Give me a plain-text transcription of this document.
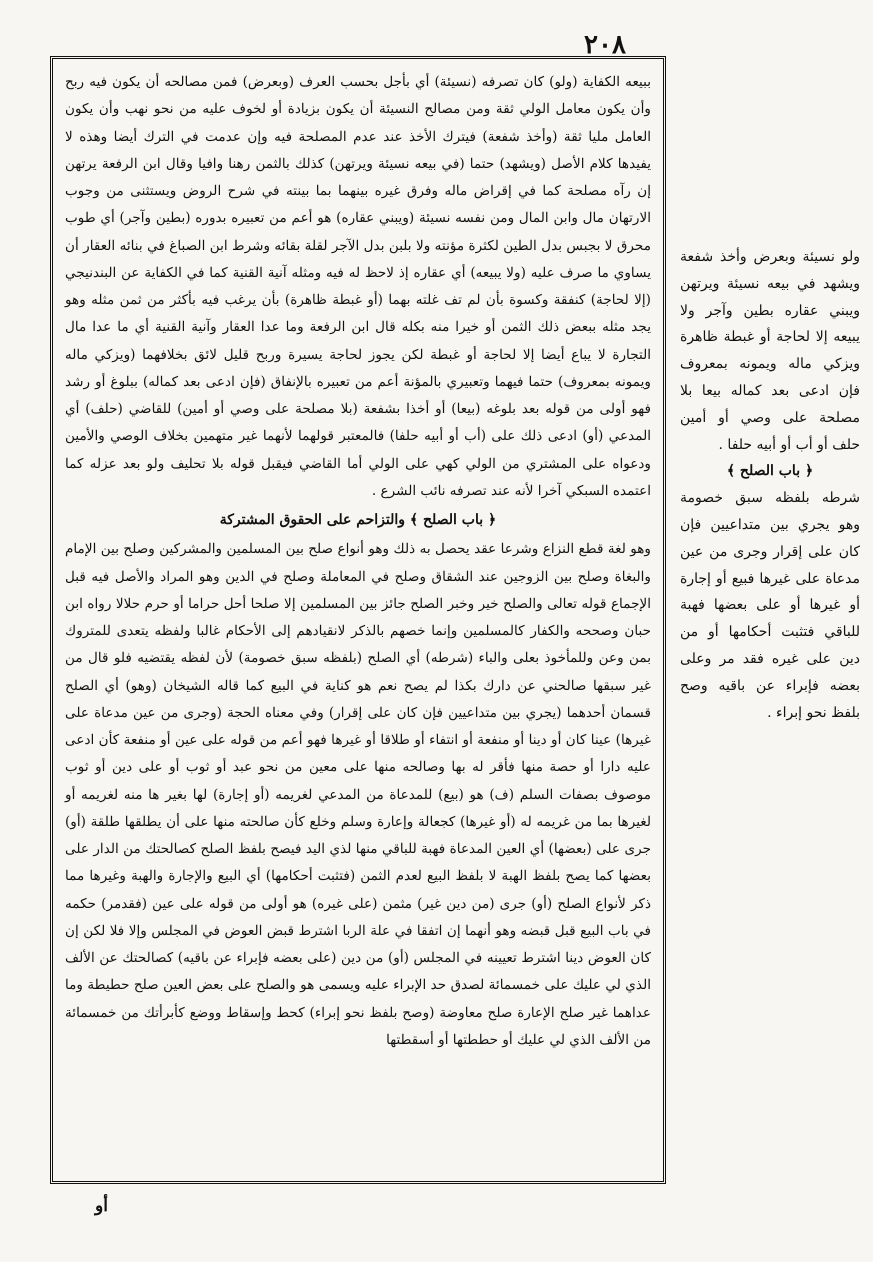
٢٠٨

ببيعه الكفاية (ولو) كان تصرفه (نسيئة) أي بأجل بحسب العرف (وبعرض) فمن مصالحه أن يكون فيه ربح وأن يكون معامل الولي ثقة ومن مصالح النسيئة أن يكون بزيادة أو لخوف عليه من نحو نهب وأن يكون العامل مليا ثقة (وأخذ شفعة) فيترك الأخذ عند عدم المصلحة فيه وإن عدمت في الترك أيضا وهذه لا يفيدها كلام الأصل (ويشهد) حتما (في بيعه نسيئة ويرتهن) كذلك بالثمن رهنا وافيا وقال ابن الرفعة يرتهن إن رآه مصلحة كما في إقراض ماله وفرق غيره بينهما بما بينته في شرح الروض ويستثنى من وجوب الارتهان مال وابن المال ومن نفسه نسيئة (ويبني عقاره) هو أعم من تعبيره بدوره (بطين وآجر) أي طوب محرق لا بجبس بدل الطين لكثرة مؤنته ولا بلبن بدل الآجر لقلة بقائه وشرط ابن الصباغ في بنائه العقار أن يساوي ما صرف عليه (ولا يبيعه) أي عقاره إذ لاحظ له فيه ومثله آنية القنية كما في الكفاية عن البندنيجي (إلا لحاجة) كنفقة وكسوة بأن لم تف غلته بهما (أو غبطة ظاهرة) بأن يرغب فيه بأكثر من ثمن مثله وهو يجد مثله ببعض ذلك الثمن أو خيرا منه بكله قال ابن الرفعة وما عدا العقار وآنية القنية أي ما عدا مال التجارة لا يباع أيضا إلا لحاجة أو غبطة لكن يجوز لحاجة يسيرة وربح قليل لائق بخلافهما (ويزكي ماله ويمونه بمعروف) حتما فيهما وتعبيري بالمؤنة أعم من تعبيره بالإنفاق (فإن ادعى بعد كماله) ببلوغ أو رشد فهو أولى من قوله بعد بلوغه (بيعا) أو أخذا بشفعة (بلا مصلحة على وصي أو أمين) للقاضي (حلف) أي المدعي (أو) ادعى ذلك على (أب أو أبيه حلفا) فالمعتبر قولهما لأنهما غير متهمين بخلاف الوصي والأمين ودعواه على المشتري من الولي كهي على الولي أما القاضي فيقبل قوله بلا تحليف ولو بعد عزله كما اعتمده السبكي آخرا لأنه عند تصرفه نائب الشرع .

﴿ باب الصلح ﴾ والتزاحم على الحقوق المشتركة

وهو لغة قطع النزاع وشرعا عقد يحصل به ذلك وهو أنواع صلح بين المسلمين والمشركين وصلح بين الإمام والبغاة وصلح بين الزوجين عند الشقاق وصلح في المعاملة وصلح في الدين وهو المراد والأصل فيه قبل الإجماع قوله تعالى والصلح خير وخبر الصلح جائز بين المسلمين إلا صلحا أحل حراما أو حرم حلالا رواه ابن حبان وصححه والكفار كالمسلمين وإنما خصهم بالذكر لانقيادهم إلى الأحكام غالبا ولفظه يتعدى للمتروك بمن وعن وللمأخوذ بعلى والباء (شرطه) أي الصلح (بلفظه سبق خصومة) لأن لفظه يقتضيه فلو قال من غير سبقها صالحني عن دارك بكذا لم يصح نعم هو كناية في البيع كما قاله الشيخان (وهو) أي الصلح قسمان أحدهما (يجري بين متداعيين فإن كان على إقرار) وفي معناه الحجة (وجرى من عين مدعاة على غيرها) عينا كان أو دينا أو منفعة أو انتفاء أو طلاقا أو غيرها فهو أعم من قوله على عين أو منفعة كأن ادعى عليه دارا أو حصة منها فأقر له بها وصالحه منها على معين من نحو عبد أو ثوب أو على دين أو ثوب موصوف بصفات السلم (ف) هو (بيع) للمدعاة من المدعي لغريمه (أو إجارة) لها بغير ها منه لغريمه أو لغيرها بما من غريمه له (أو غيرها) كجعالة وإعارة وسلم وخلع كأن صالحته منها على أن يطلقها طلقة (أو) جرى على (بعضها) أي العين المدعاة فهبة للباقي منها لذي اليد فيصح بلفظ الصلح كصالحتك من الدار على بعضها كما يصح بلفظ الهبة لا بلفظ البيع لعدم الثمن (فتثبت أحكامها) أي البيع والإجارة والهبة وغيرها مما ذكر لأنواع الصلح (أو) جرى (من دين غير) مثمن (على غيره) هو أولى من قوله على عين (فقدمر) حكمه في باب البيع قبل قبضه وهو أنهما إن اتفقا في علة الربا اشترط قبض العوض في المجلس وإلا فلا لكن إن كان العوض دينا اشترط تعيينه في المجلس (أو) من دين (على بعضه فإبراء عن باقيه) كصالحتك عن الألف الذي لي عليك على خمسمائة لصدق حد الإبراء عليه ويسمى هو والصلح على بعض العين صلح حطيطة وما عداهما غير صلح الإعارة صلح معاوضة (وصح بلفظ نحو إبراء) كحط وإسقاط ووضع كأبرأتك من خمسمائة من الألف الذي لي عليك أو حططتها أو أسقطتها

ولو نسيئة وبعرض وأخذ شفعة ويشهد في بيعه نسيئة ويرتهن ويبني عقاره بطين وآجر ولا يبيعه إلا لحاجة أو غبطة ظاهرة ويزكي ماله ويمونه بمعروف فإن ادعى بعد كماله بيعا بلا مصلحة على وصي أو أمين حلف أو أب أو أبيه حلفا .

﴿ باب الصلح ﴾

شرطه بلفظه سبق خصومة وهو يجري بين متداعيين فإن كان على إقرار وجرى من عين مدعاة على غيرها فبيع أو إجارة أو غيرها أو على بعضها فهبة للباقي فتثبت أحكامها أو من دين على غيره فقد مر وعلى بعضه فإبراء عن باقيه وصح بلفظ نحو إبراء .

أو
